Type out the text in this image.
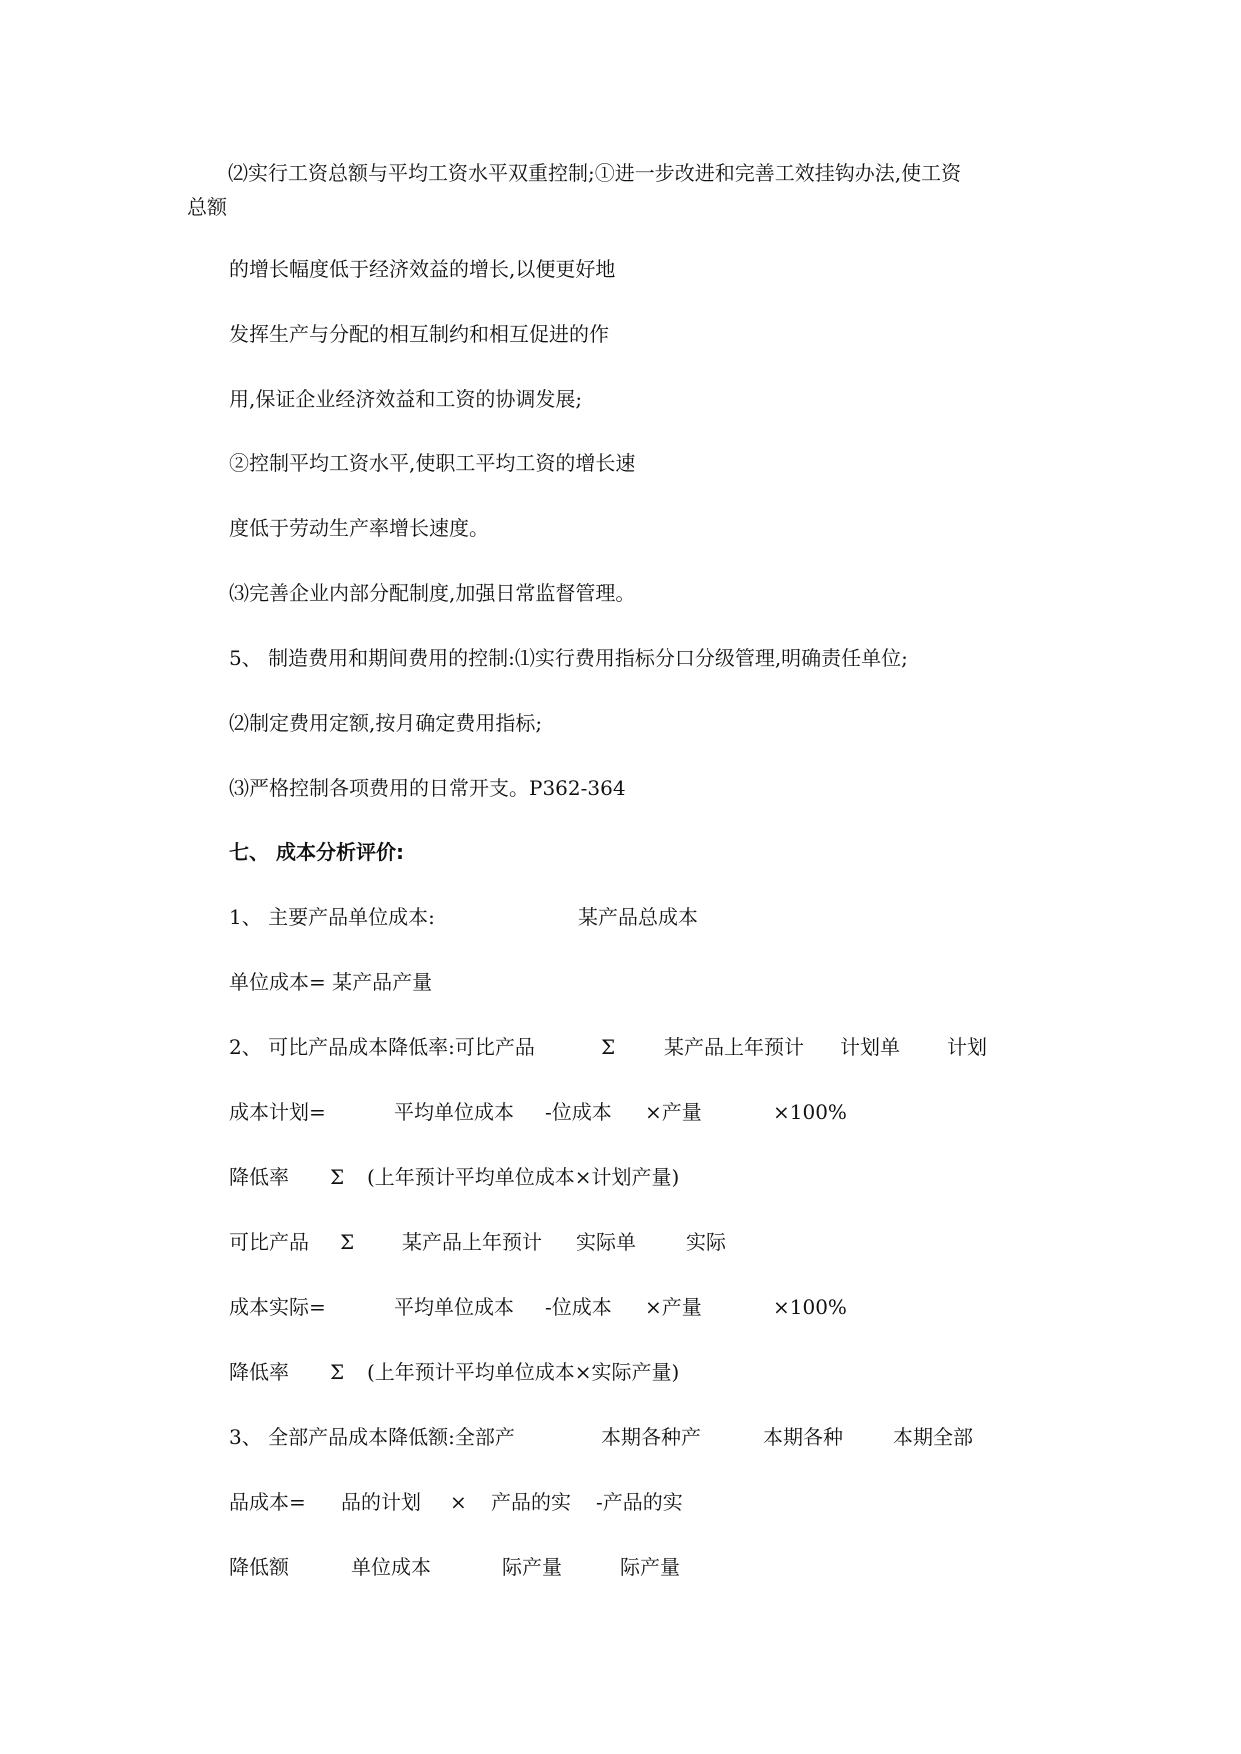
⑵实行工资总额与平均工资水平双重控制;①进一步改进和完善工效挂钩办法,使工资
总额
的增长幅度低于经济效益的增长,以便更好地
发挥生产与分配的相互制约和相互促进的作
用,保证企业经济效益和工资的协调发展;
②控制平均工资水平,使职工平均工资的增长速
度低于劳动生产率增长速度。
⑶完善企业内部分配制度,加强日常监督管理。
5、 制造费用和期间费用的控制:⑴实行费用指标分口分级管理,明确责任单位;
⑵制定费用定额,按月确定费用指标;
⑶严格控制各项费用的日常开支。P362-364
七、 成本分析评价:
1、 主要产品单位成本:	某产品总成本
单位成本= 某产品产量
2、 可比产品成本降低率:可比产品	Σ 某产品上年预计 计划单 计划
成本计划=	平均单位成本 -位成本 ×产量	×100%
降低率 Σ (上年预计平均单位成本×计划产量)
可比产品 Σ 某产品上年预计 实际单	实际
成本实际=	平均单位成本 -位成本 ×产量	×100%
降低率 Σ (上年预计平均单位成本×实际产量)
3、 全部产品成本降低额:全部产	本期各种产	本期各种	本期全部
品成本= 品的计划 × 产品的实 -产品的实
降低额	单位成本	际产量	际产量
